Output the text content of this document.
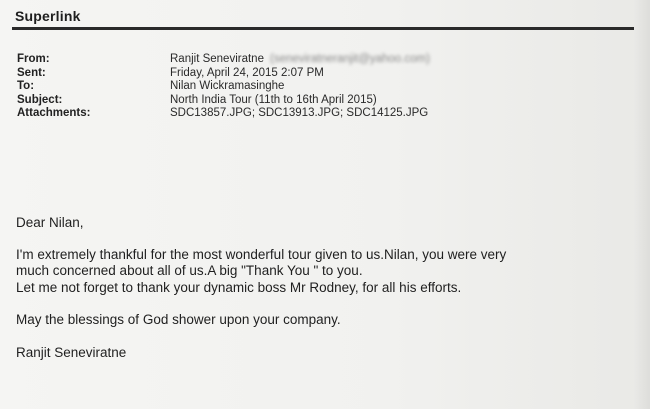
Superlink
From:	Ranjit Seneviratne (seneviratneranjit@yahoo.com)
Sent:	Friday, April 24, 2015 2:07 PM
To:	Nilan Wickramasinghe
Subject:	North India Tour (11th to 16th April 2015)
Attachments:	SDC13857.JPG; SDC13913.JPG; SDC14125.JPG

Dear Nilan,

I'm extremely thankful for the most wonderful tour given to us.Nilan, you were very

much concerned about all of us.A big "Thank You " to you.

Let me not forget to thank your dynamic boss Mr Rodney, for all his efforts.

May the blessings of God shower upon your company.

Ranjit Seneviratne
